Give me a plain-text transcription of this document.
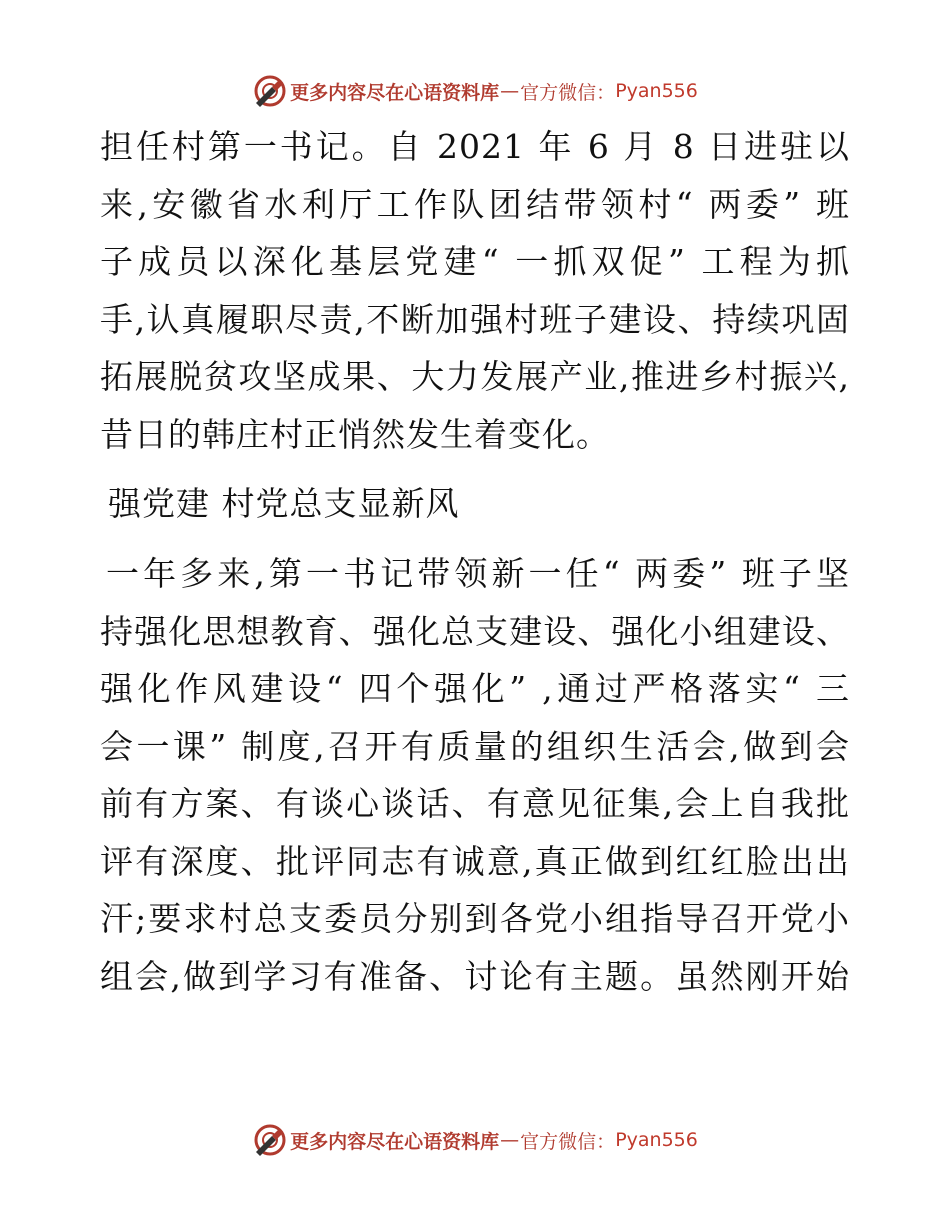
更多内容尽在心语资料库 — 官方微信： Pyan556
担任村第一书记。自 2021 年 6 月 8 日进驻以
来,安徽省水利厅工作队团结带领村“ 两委” 班
子成员以深化基层党建“ 一抓双促” 工程为抓
手,认真履职尽责,不断加强村班子建设、持续巩固
拓展脱贫攻坚成果、大力发展产业,推进乡村振兴,
昔日的韩庄村正悄然发生着变化。
强党建 村党总支显新风
一年多来,第一书记带领新一任“ 两委” 班子坚
持强化思想教育、强化总支建设、强化小组建设、
强化作风建设“ 四个强化” ,通过严格落实“ 三
会一课” 制度,召开有质量的组织生活会,做到会
前有方案、有谈心谈话、有意见征集,会上自我批
评有深度、批评同志有诚意,真正做到红红脸出出
汗;要求村总支委员分别到各党小组指导召开党小
组会,做到学习有准备、讨论有主题。虽然刚开始
更多内容尽在心语资料库 — 官方微信： Pyan556
